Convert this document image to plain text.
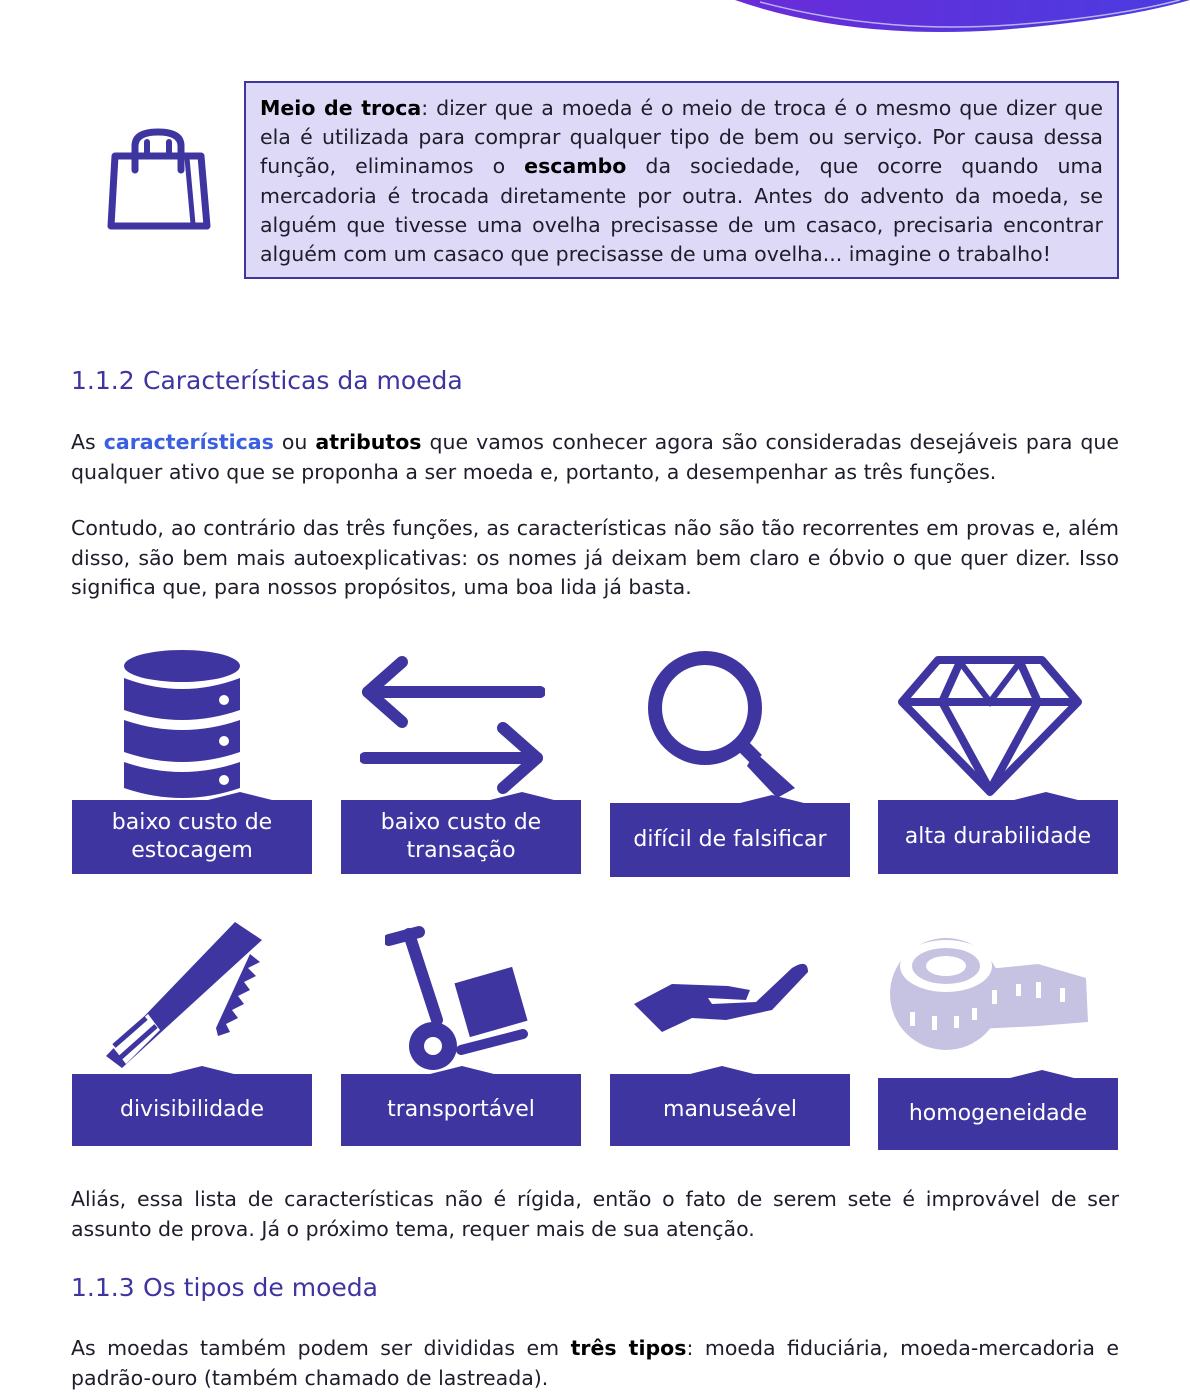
Meio de troca: dizer que a moeda é o meio de troca é o mesmo que dizer que ela é utilizada para comprar qualquer tipo de bem ou serviço. Por causa dessa função, eliminamos o escambo da sociedade, que ocorre quando uma mercadoria é trocada diretamente por outra. Antes do advento da moeda, se alguém que tivesse uma ovelha precisasse de um casaco, precisaria encontrar alguém com um casaco que precisasse de uma ovelha... imagine o trabalho!
1.1.2 Características da moeda

As características ou atributos que vamos conhecer agora são consideradas desejáveis para que qualquer ativo que se proponha a ser moeda e, portanto, a desempenhar as três funções.

Contudo, ao contrário das três funções, as características não são tão recorrentes em provas e, além disso, são bem mais autoexplicativas: os nomes já deixam bem claro e óbvio o que quer dizer. Isso significa que, para nossos propósitos, uma boa lida já basta.

baixo custo de estocagem
baixo custo de transação	difícil de falsificar	alta durabilidade
divisibilidade	transportável	manuseável	homogeneidade

Aliás, essa lista de características não é rígida, então o fato de serem sete é improvável de ser assunto de prova. Já o próximo tema, requer mais de sua atenção.

1.1.3 Os tipos de moeda

As moedas também podem ser divididas em três tipos: moeda fiduciária, moeda-mercadoria e padrão-ouro (também chamado de lastreada).
